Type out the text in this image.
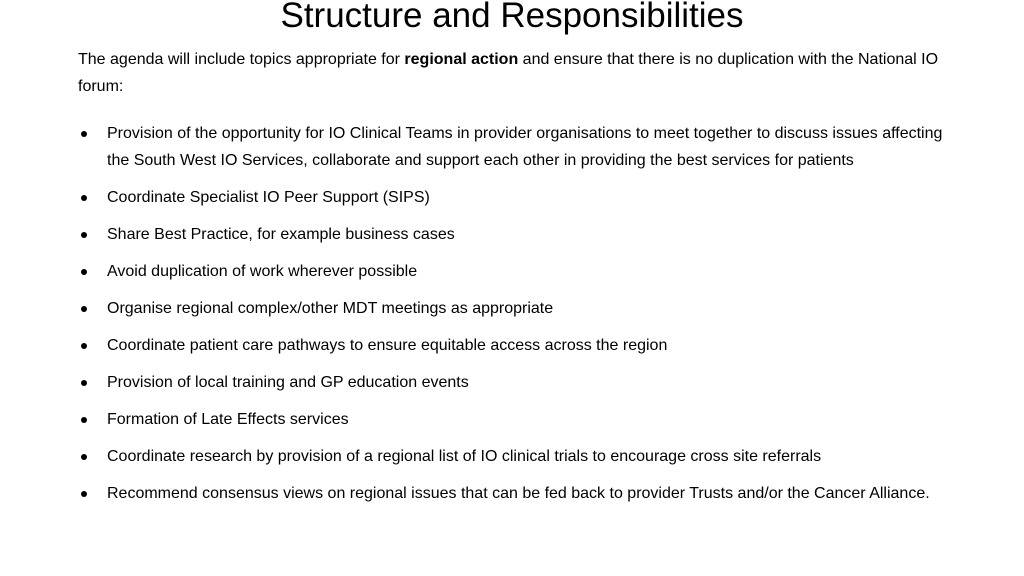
Structure and Responsibilities

The agenda will include topics appropriate for regional action and ensure that there is no duplication with the National IO forum:

Provision of the opportunity for IO Clinical Teams in provider organisations to meet together to discuss issues affecting the South West IO Services, collaborate and support each other in providing the best services for patients
Coordinate Specialist IO Peer Support (SIPS)
Share Best Practice, for example business cases
Avoid duplication of work wherever possible
Organise regional complex/other MDT meetings as appropriate
Coordinate patient care pathways to ensure equitable access across the region
Provision of local training and GP education events
Formation of Late Effects services
Coordinate research by provision of a regional list of IO clinical trials to encourage cross site referrals
Recommend consensus views on regional issues that can be fed back to provider Trusts and/or the Cancer Alliance.
